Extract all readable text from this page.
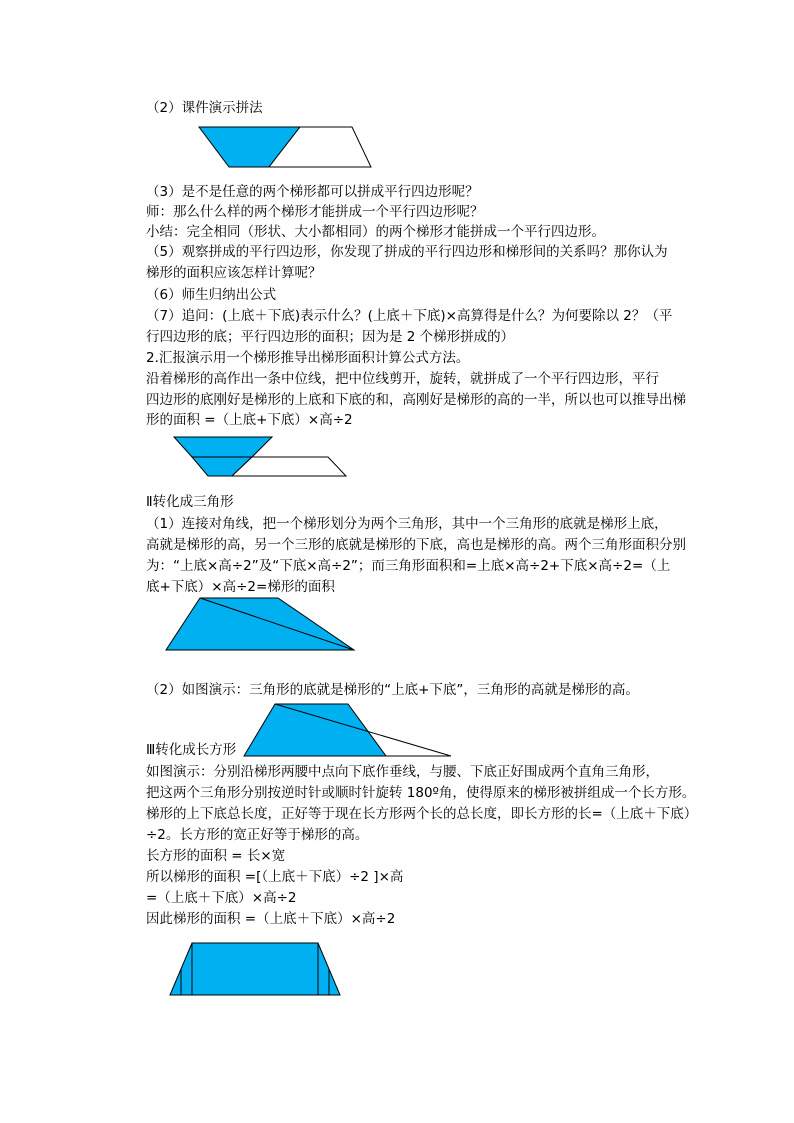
（2）课件演示拼法
（3）是不是任意的两个梯形都可以拼成平行四边形呢？
师：那么什么样的两个梯形才能拼成一个平行四边形呢？
小结：完全相同（形状、大小都相同）的两个梯形才能拼成一个平行四边形。
（5）观察拼成的平行四边形，你发现了拼成的平行四边形和梯形间的关系吗？那你认为
梯形的面积应该怎样计算呢？
（6）师生归纳出公式
（7）追问：(上底＋下底)表示什么？(上底＋下底)×高算得是什么？为何要除以 2？（平
行四边形的底；平行四边形的面积；因为是 2 个梯形拼成的）
2.汇报演示用一个梯形推导出梯形面积计算公式方法。
沿着梯形的高作出一条中位线，把中位线剪开，旋转，就拼成了一个平行四边形，平行
四边形的底刚好是梯形的上底和下底的和，高刚好是梯形的高的一半，所以也可以推导出梯
形的面积 =（上底+下底）×高÷2
Ⅱ转化成三角形
（1）连接对角线，把一个梯形划分为两个三角形，其中一个三角形的底就是梯形上底，
高就是梯形的高，另一个三形的底就是梯形的下底，高也是梯形的高。两个三角形面积分别
为：“上底×高÷2”及“下底×高÷2”；而三角形面积和=上底×高÷2+下底×高÷2=（上
底+下底）×高÷2=梯形的面积
（2）如图演示：三角形的底就是梯形的“上底+下底”，三角形的高就是梯形的高。
Ⅲ转化成长方形
如图演示：分别沿梯形两腰中点向下底作垂线，与腰、下底正好围成两个直角三角形，
把这两个三角形分别按逆时针或顺时针旋转 180º角，使得原来的梯形被拼组成一个长方形。
梯形的上下底总长度，正好等于现在长方形两个长的总长度，即长方形的长=（上底＋下底）
÷2。长方形的宽正好等于梯形的高。
长方形的面积 = 长×宽
所以梯形的面积 =[（上底＋下底）÷2 ]×高
=（上底＋下底）×高÷2
因此梯形的面积 =（上底＋下底）×高÷2
